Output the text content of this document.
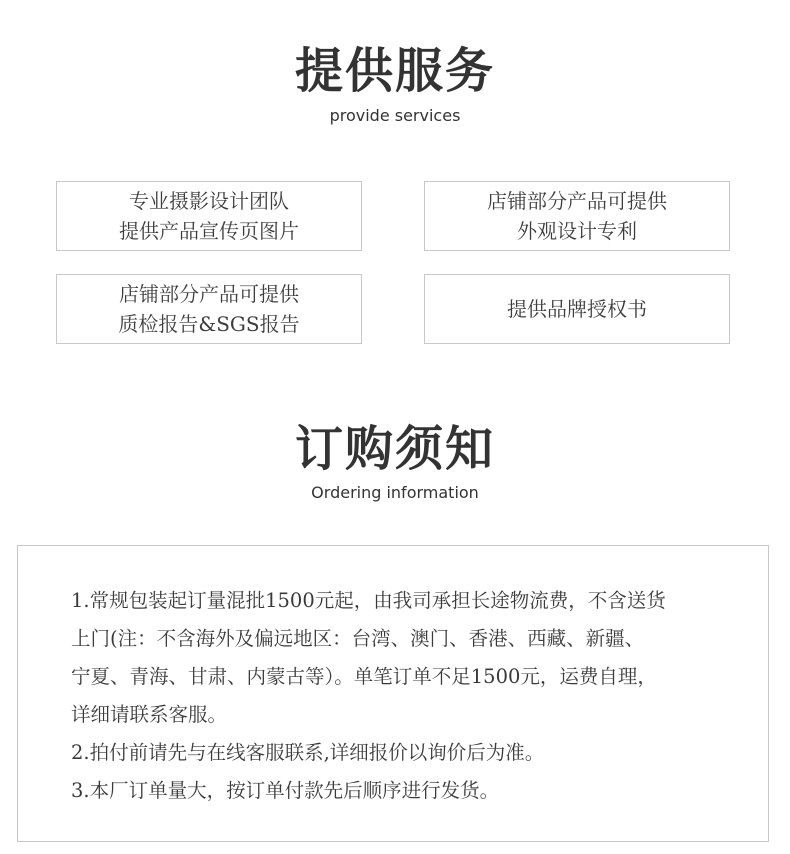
提供服务
provide services
专业摄影设计团队
提供产品宣传页图片
店铺部分产品可提供
外观设计专利
店铺部分产品可提供
质检报告&SGS报告
提供品牌授权书
订购须知
Ordering information
1.常规包装起订量混批1500元起，由我司承担长途物流费，不含送货
上门(注：不含海外及偏远地区：台湾、澳门、香港、西藏、新疆、
宁夏、青海、甘肃、内蒙古等）。单笔订单不足1500元，运费自理，
详细请联系客服。
2.拍付前请先与在线客服联系,详细报价以询价后为准。
3.本厂订单量大，按订单付款先后顺序进行发货。
